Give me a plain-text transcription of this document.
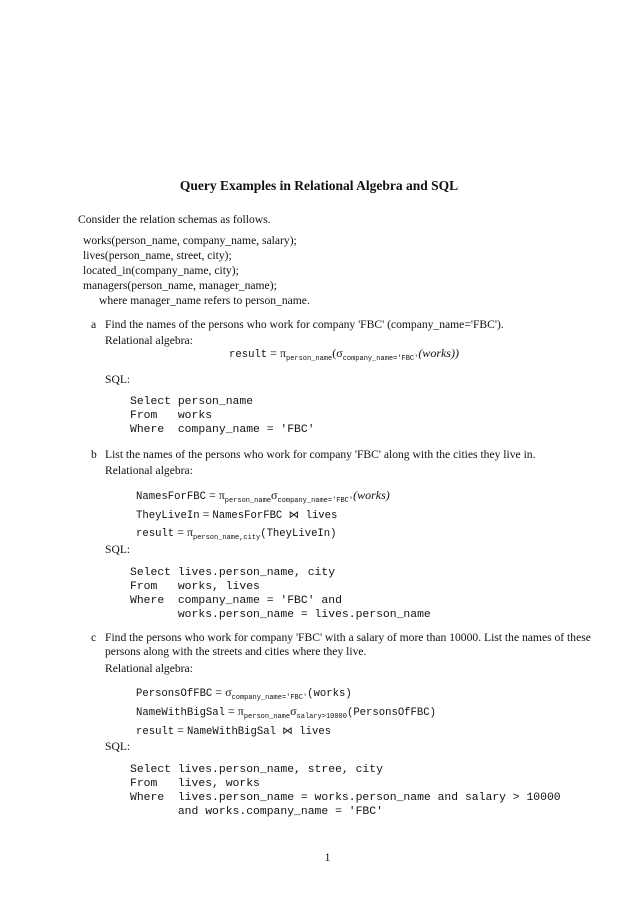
Query Examples in Relational Algebra and SQL
Consider the relation schemas as follows.
works(person_name, company_name, salary);
lives(person_name, street, city);
located_in(company_name, city);
managers(person_name, manager_name);
where manager_name refers to person_name.
a Find the names of the persons who work for company 'FBC' (company_name='FBC').
Relational algebra:
result = πperson_name(σcompany_name='FBC'(works))
SQL:
Select person_name
From   works
Where  company_name = 'FBC'
b List the names of the persons who work for company 'FBC' along with the cities they live in.
Relational algebra:
NamesForFBC = πperson_nameσcompany_name='FBC'(works)
TheyLiveIn = NamesForFBC ⋈ lives
result = πperson_name,city(TheyLiveIn)
SQL:
Select lives.person_name, city
From   works, lives
Where  company_name = 'FBC' and
works.person_name = lives.person_name
c Find the persons who work for company 'FBC' with a salary of more than 10000. List the names of these
persons along with the streets and cities where they live.
Relational algebra:
PersonsOfFBC = σcompany_name='FBC'(works)
NameWithBigSal = πperson_nameσsalary>10000(PersonsOfFBC)
result = NameWithBigSal ⋈ lives
SQL:
Select lives.person_name, stree, city
From   lives, works
Where  lives.person_name = works.person_name and salary > 10000
and works.company_name = 'FBC'
1
